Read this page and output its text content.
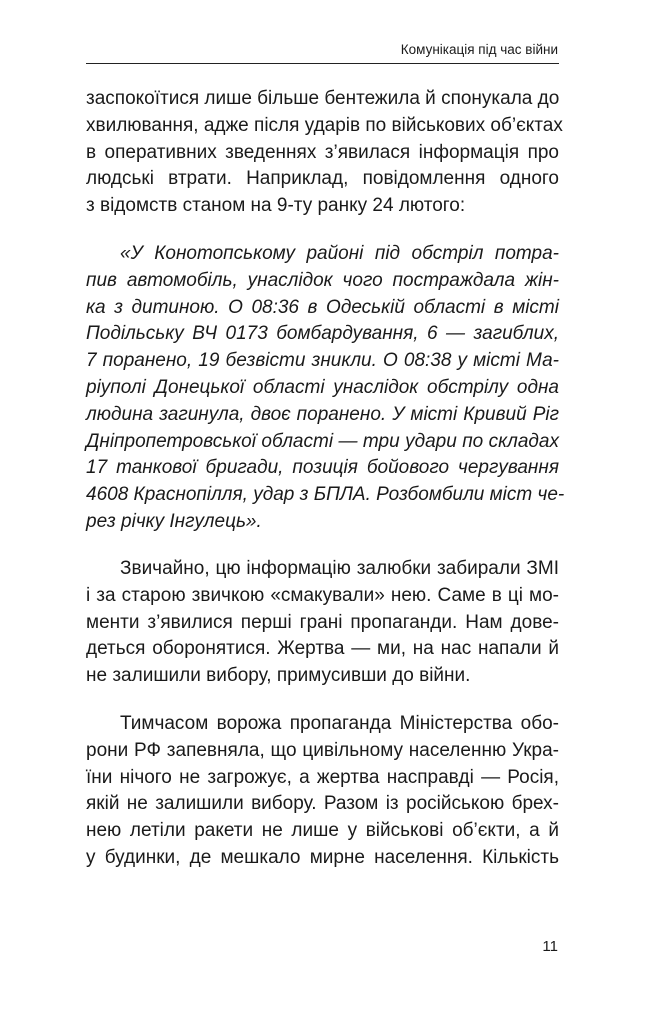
Комунікація під час війни
заспокоїтися лише більше бентежила й спонукала до
хвилювання, адже після ударів по військових об’єктах
в оперативних зведеннях з’явилася інформація про
людські втрати. Наприклад, повідомлення одного
з відомств станом на 9-ту ранку 24 лютого:
«У Конотопському районі під обстріл потра-
пив автомобіль, унаслідок чого постраждала жін-
ка з дитиною. О 08:36 в Одеській області в місті
Подільську ВЧ 0173 бомбардування, 6 — загиблих,
7 поранено, 19 безвісти зникли. О 08:38 у місті Ма-
ріуполі Донецької області унаслідок обстрілу одна
людина загинула, двоє поранено. У місті Кривий Ріг
Дніпропетровської області — три удари по складах
17 танкової бригади, позиція бойового чергування
4608 Краснопілля, удар з БПЛА. Розбомбили міст че-
рез річку Інгулець».
Звичайно, цю інформацію залюбки забирали ЗМІ
і за старою звичкою «смакували» нею. Саме в ці мо-
менти з’явилися перші грані пропаганди. Нам дове-
деться оборонятися. Жертва — ми, на нас напали й
не залишили вибору, примусивши до війни.
Тимчасом ворожа пропаганда Міністерства обо-
рони РФ запевняла, що цивільному населенню Укра-
їни нічого не загрожує, а жертва насправді — Росія,
якій не залишили вибору. Разом із російською брех-
нею летіли ракети не лише у військові об’єкти, а й
у будинки, де мешкало мирне населення. Кількість
11
